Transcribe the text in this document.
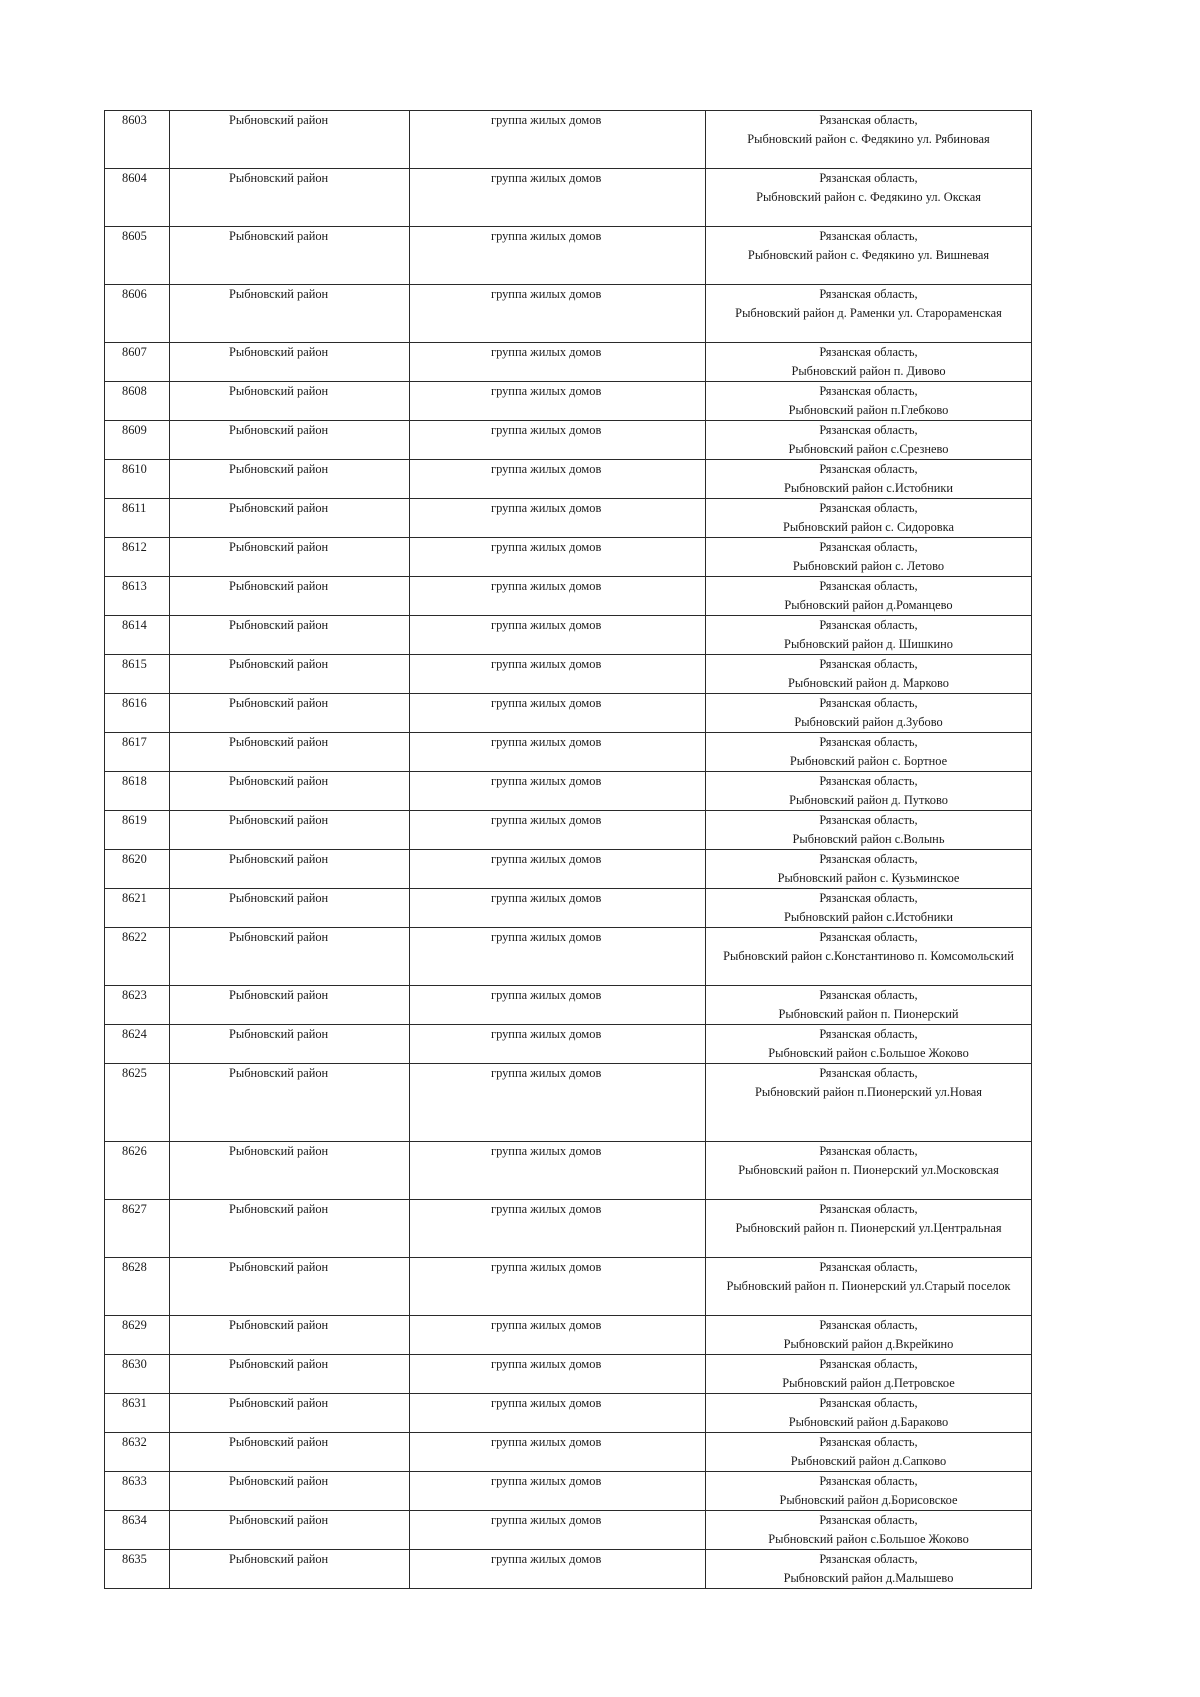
8603	Рыбновский район	группа жилых домов	Рязанская область,
Рыбновский район с. Федякино ул. Рябиновая
8604	Рыбновский район	группа жилых домов	Рязанская область,
Рыбновский район с. Федякино ул. Окская
8605	Рыбновский район	группа жилых домов	Рязанская область,
Рыбновский район с. Федякино ул. Вишневая
8606	Рыбновский район	группа жилых домов	Рязанская область,
Рыбновский район д. Раменки ул. Старораменская
8607	Рыбновский район	группа жилых домов	Рязанская область,
Рыбновский район п. Дивово
8608	Рыбновский район	группа жилых домов	Рязанская область,
Рыбновский район п.Глебково
8609	Рыбновский район	группа жилых домов	Рязанская область,
Рыбновский район с.Срезнево
8610	Рыбновский район	группа жилых домов	Рязанская область,
Рыбновский район с.Истобники
8611	Рыбновский район	группа жилых домов	Рязанская область,
Рыбновский район с. Сидоровка
8612	Рыбновский район	группа жилых домов	Рязанская область,
Рыбновский район с. Летово
8613	Рыбновский район	группа жилых домов	Рязанская область,
Рыбновский район д.Романцево
8614	Рыбновский район	группа жилых домов	Рязанская область,
Рыбновский район д. Шишкино
8615	Рыбновский район	группа жилых домов	Рязанская область,
Рыбновский район д. Марково
8616	Рыбновский район	группа жилых домов	Рязанская область,
Рыбновский район д.Зубово
8617	Рыбновский район	группа жилых домов	Рязанская область,
Рыбновский район с. Бортное
8618	Рыбновский район	группа жилых домов	Рязанская область,
Рыбновский район д. Путково
8619	Рыбновский район	группа жилых домов	Рязанская область,
Рыбновский район с.Волынь
8620	Рыбновский район	группа жилых домов	Рязанская область,
Рыбновский район с. Кузьминское
8621	Рыбновский район	группа жилых домов	Рязанская область,
Рыбновский район с.Истобники
8622	Рыбновский район	группа жилых домов	Рязанская область,
Рыбновский район с.Константиново п. Комсомольский
8623	Рыбновский район	группа жилых домов	Рязанская область,
Рыбновский район п. Пионерский
8624	Рыбновский район	группа жилых домов	Рязанская область,
Рыбновский район с.Большое Жоково
8625	Рыбновский район	группа жилых домов	Рязанская область,
Рыбновский район п.Пионерский ул.Новая
8626	Рыбновский район	группа жилых домов	Рязанская область,
Рыбновский район п. Пионерский ул.Московская
8627	Рыбновский район	группа жилых домов	Рязанская область,
Рыбновский район п. Пионерский ул.Центральная
8628	Рыбновский район	группа жилых домов	Рязанская область,
Рыбновский район п. Пионерский ул.Старый поселок
8629	Рыбновский район	группа жилых домов	Рязанская область,
Рыбновский район д.Вкрейкино
8630	Рыбновский район	группа жилых домов	Рязанская область,
Рыбновский район д.Петровское
8631	Рыбновский район	группа жилых домов	Рязанская область,
Рыбновский район д.Бараково
8632	Рыбновский район	группа жилых домов	Рязанская область,
Рыбновский район д.Сапково
8633	Рыбновский район	группа жилых домов	Рязанская область,
Рыбновский район д.Борисовское
8634	Рыбновский район	группа жилых домов	Рязанская область,
Рыбновский район с.Большое Жоково
8635	Рыбновский район	группа жилых домов	Рязанская область,
Рыбновский район д.Малышево
